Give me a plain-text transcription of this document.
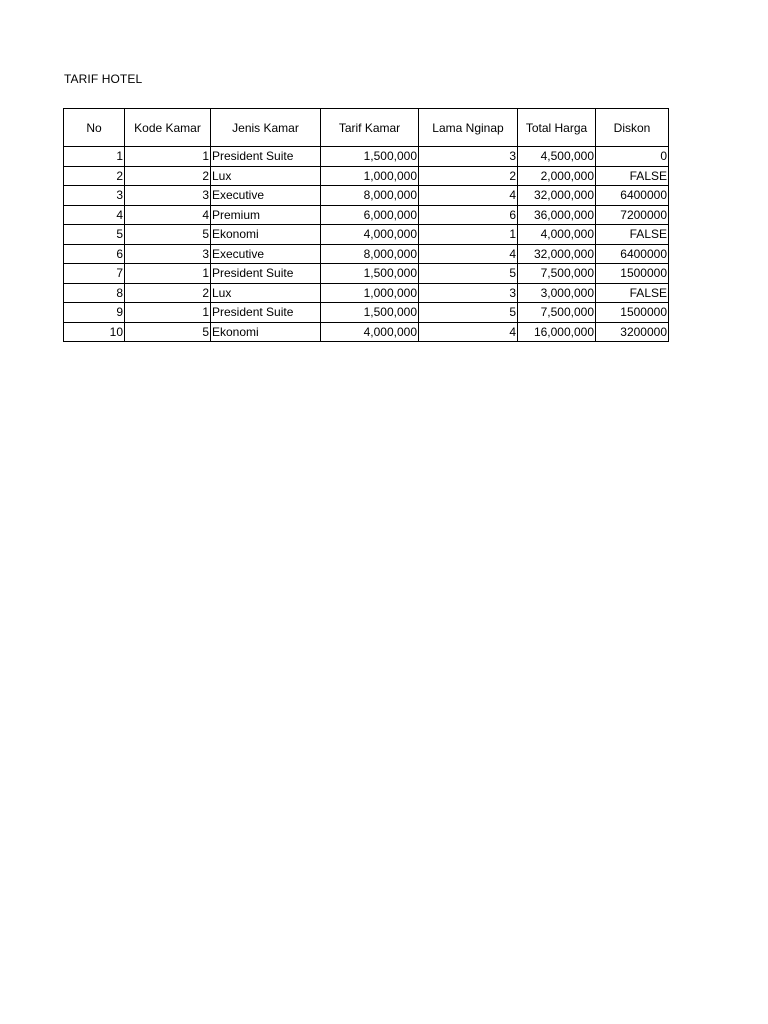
TARIF HOTEL
No	Kode Kamar	Jenis Kamar	Tarif Kamar	Lama Nginap	Total Harga	Diskon
1	1	President Suite	1,500,000	3	4,500,000	0
2	2	Lux	1,000,000	2	2,000,000	FALSE
3	3	Executive	8,000,000	4	32,000,000	6400000
4	4	Premium	6,000,000	6	36,000,000	7200000
5	5	Ekonomi	4,000,000	1	4,000,000	FALSE
6	3	Executive	8,000,000	4	32,000,000	6400000
7	1	President Suite	1,500,000	5	7,500,000	1500000
8	2	Lux	1,000,000	3	3,000,000	FALSE
9	1	President Suite	1,500,000	5	7,500,000	1500000
10	5	Ekonomi	4,000,000	4	16,000,000	3200000
